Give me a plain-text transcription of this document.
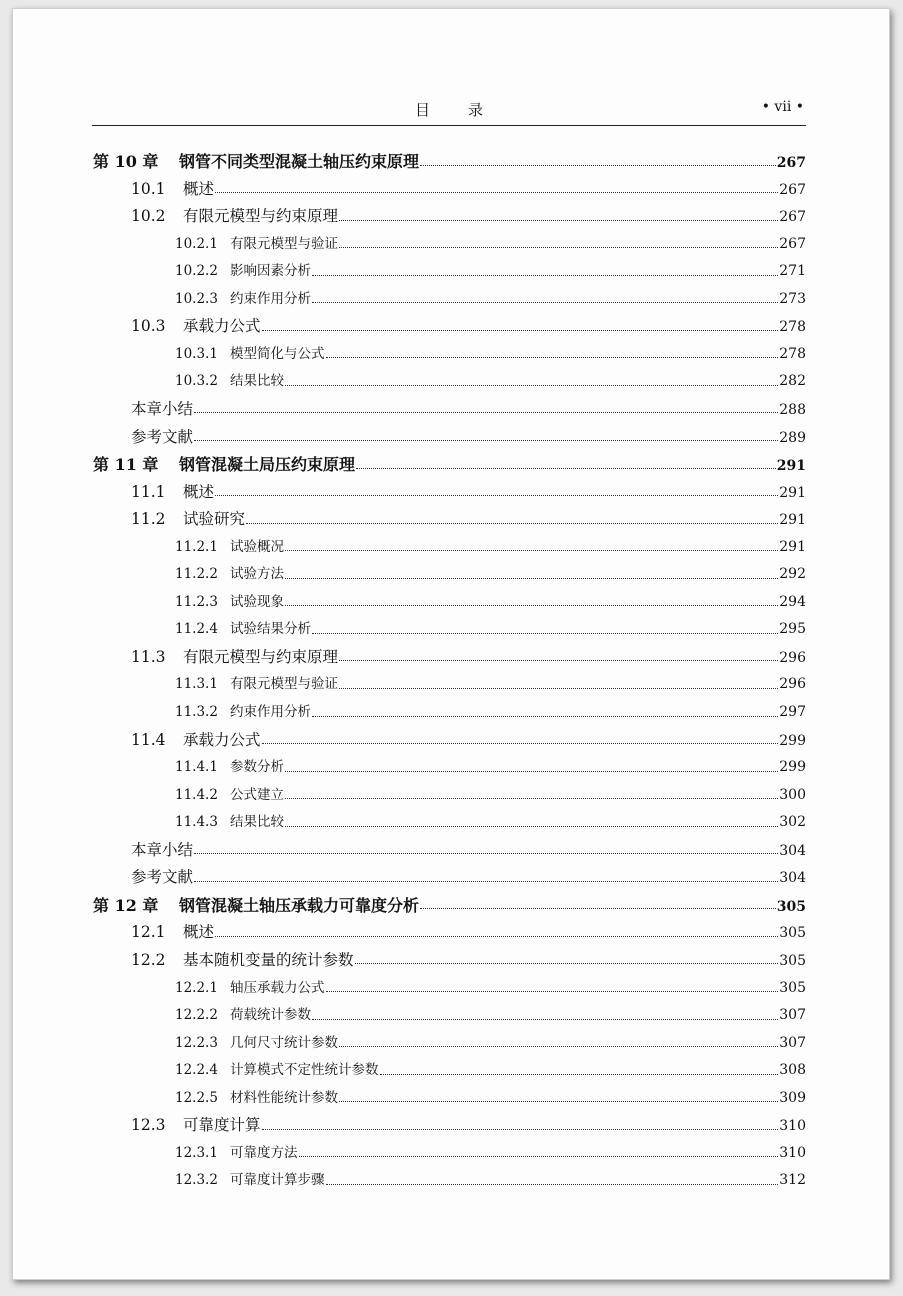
目录	• vii •
第 10 章 钢管不同类型混凝土轴压约束原理	267
10.1 概述	267
10.2 有限元模型与约束原理	267
10.2.1 有限元模型与验证	267
10.2.2 影响因素分析	271
10.2.3 约束作用分析	273
10.3 承载力公式	278
10.3.1 模型简化与公式	278
10.3.2 结果比较	282
本章小结	288
参考文献	289
第 11 章 钢管混凝土局压约束原理	291
11.1 概述	291
11.2 试验研究	291
11.2.1 试验概况	291
11.2.2 试验方法	292
11.2.3 试验现象	294
11.2.4 试验结果分析	295
11.3 有限元模型与约束原理	296
11.3.1 有限元模型与验证	296
11.3.2 约束作用分析	297
11.4 承载力公式	299
11.4.1 参数分析	299
11.4.2 公式建立	300
11.4.3 结果比较	302
本章小结	304
参考文献	304
第 12 章 钢管混凝土轴压承载力可靠度分析	305
12.1 概述	305
12.2 基本随机变量的统计参数	305
12.2.1 轴压承载力公式	305
12.2.2 荷载统计参数	307
12.2.3 几何尺寸统计参数	307
12.2.4 计算模式不定性统计参数	308
12.2.5 材料性能统计参数	309
12.3 可靠度计算	310
12.3.1 可靠度方法	310
12.3.2 可靠度计算步骤	312
